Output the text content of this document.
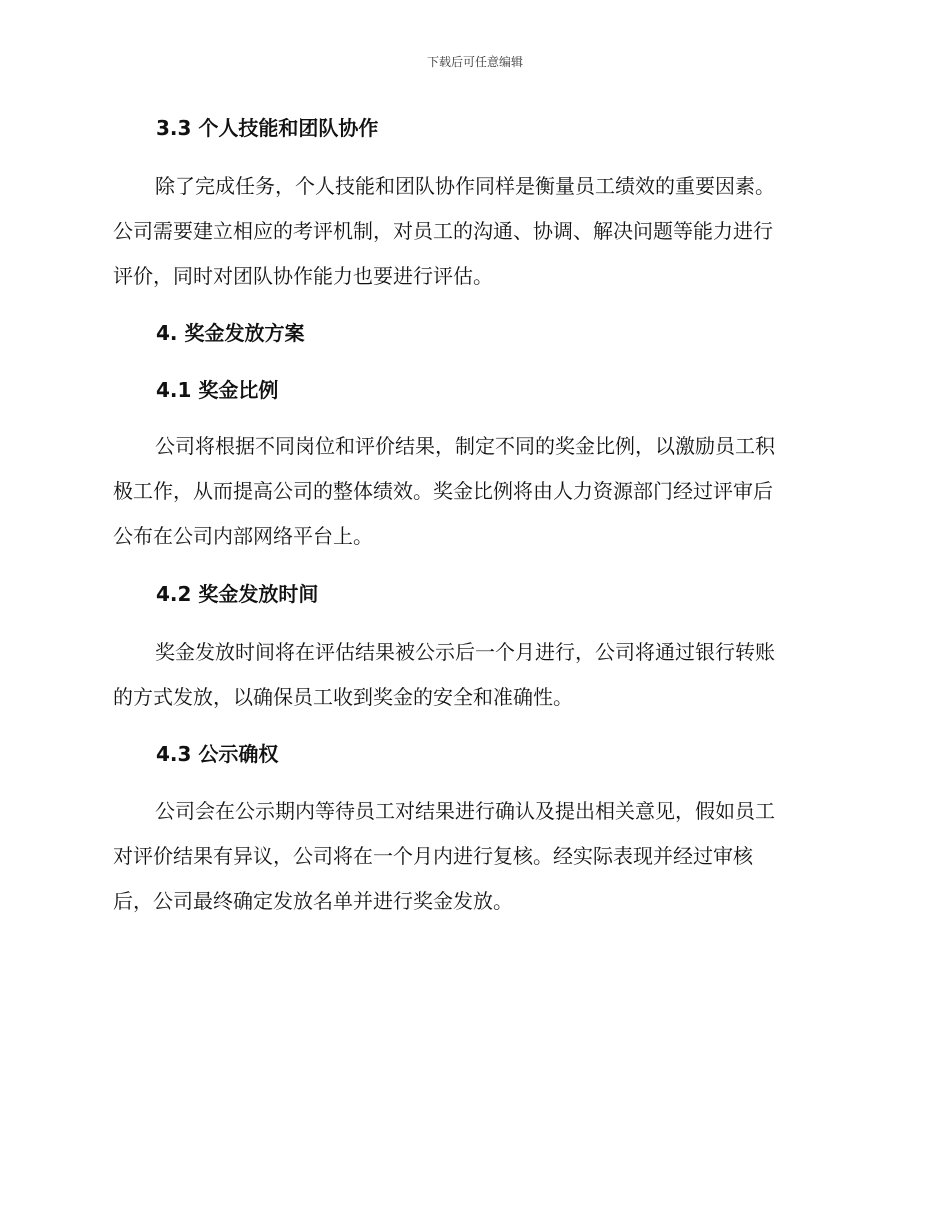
下载后可任意编辑
3.3 个人技能和团队协作
除了完成任务，个人技能和团队协作同样是衡量员工绩效的重要因素。
公司需要建立相应的考评机制，对员工的沟通、协调、解决问题等能力进行
评价，同时对团队协作能力也要进行评估。
4. 奖金发放方案
4.1 奖金比例
公司将根据不同岗位和评价结果，制定不同的奖金比例，以激励员工积
极工作，从而提高公司的整体绩效。奖金比例将由人力资源部门经过评审后
公布在公司内部网络平台上。
4.2 奖金发放时间
奖金发放时间将在评估结果被公示后一个月进行，公司将通过银行转账
的方式发放，以确保员工收到奖金的安全和准确性。
4.3 公示确权
公司会在公示期内等待员工对结果进行确认及提出相关意见，假如员工
对评价结果有异议，公司将在一个月内进行复核。经实际表现并经过审核
后，公司最终确定发放名单并进行奖金发放。
